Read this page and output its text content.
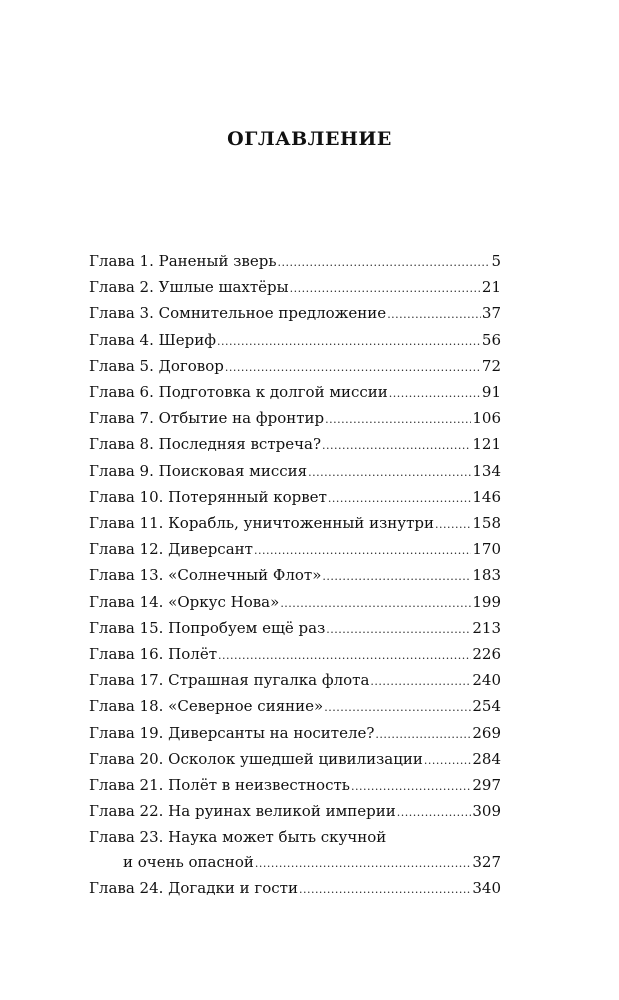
ОГЛАВЛЕНИЕ
Глава 1. Раненый зверь .....	5
Глава 2. Ушлые шахтёры .....	21
Глава 3. Сомнительное предложение .....	37
Глава 4. Шериф .....	56
Глава 5. Договор .....	72
Глава 6. Подготовка к долгой миссии .....	91
Глава 7. Отбытие на фронтир .....	106
Глава 8. Последняя встреча? .....	121
Глава 9. Поисковая миссия .....	134
Глава 10. Потерянный корвет .....	146
Глава 11. Корабль, уничтоженный изнутри .....	158
Глава 12. Диверсант .....	170
Глава 13. «Солнечный Флот» .....	183
Глава 14. «Оркус Нова» .....	199
Глава 15. Попробуем ещё раз .....	213
Глава 16. Полёт .....	226
Глава 17. Страшная пугалка флота .....	240
Глава 18. «Северное сияние» .....	254
Глава 19. Диверсанты на носителе? .....	269
Глава 20. Осколок ушедшей цивилизации .....	284
Глава 21. Полёт в неизвестность .....	297
Глава 22. На руинах великой империи .....	309
Глава 23. Наука может быть скучной
и очень опасной .....	327
Глава 24. Догадки и гости .....	340
